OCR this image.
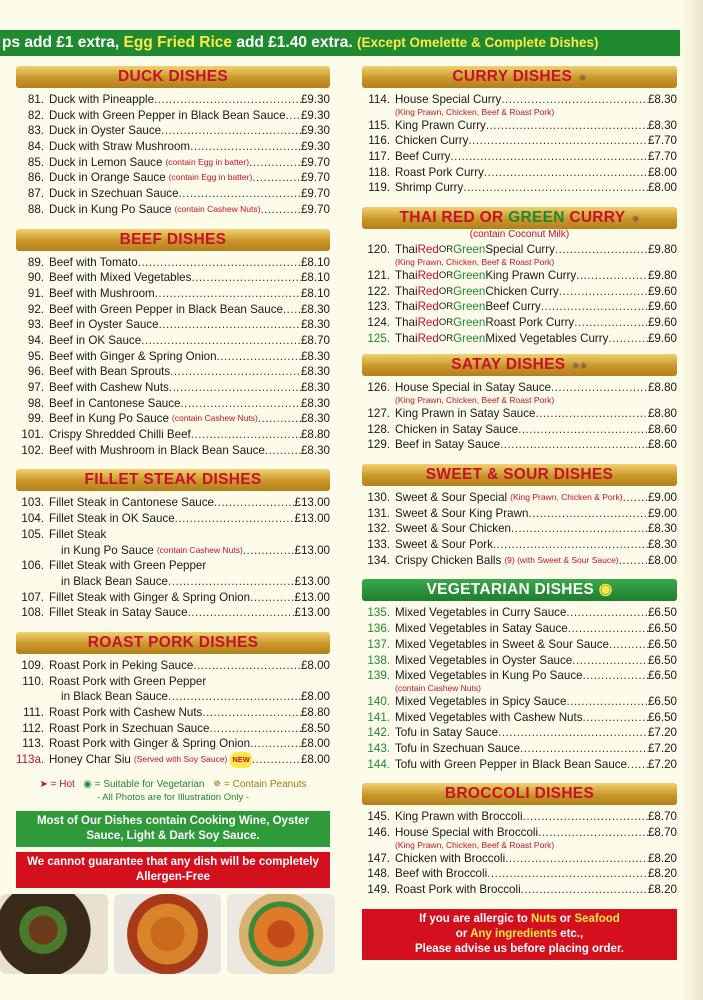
ps add £1 extra, Egg Fried Rice add £1.40 extra. (Except Omelette & Complete Dishes)
DUCK DISHES
81. Duck with Pineapple .....	£9.30
82. Duck with Green Pepper in Black Bean Sauce ..... £9.30
83. Duck in Oyster Sauce .....	£9.30
84. Duck with Straw Mushroom .....	£9.30
85. Duck in Lemon Sauce (contain Egg in batter) .....	£9.70
86. Duck in Orange Sauce (contain Egg in batter) .....	£9.70
87. Duck in Szechuan Sauce .....	£9.70
88. Duck in Kung Po Sauce (contain Cashew Nuts) .....	£9.70
BEEF DISHES
89. Beef with Tomato .....	£8.10
90. Beef with Mixed Vegetables .....	£8.10
91. Beef with Mushroom .....	£8.10
92. Beef with Green Pepper in Black Bean Sauce ..... £8.30
93. Beef in Oyster Sauce .....	£8.30
94. Beef in OK Sauce .....	£8.70
95. Beef with Ginger & Spring Onion .....	£8.30
96. Beef with Bean Sprouts .....	£8.30
97. Beef with Cashew Nuts .....	£8.30
98. Beef in Cantonese Sauce .....	£8.30
99. Beef in Kung Po Sauce (contain Cashew Nuts) .....	£8.30
101. Crispy Shredded Chilli Beef .....	£8.80
102. Beef with Mushroom in Black Bean Sauce .....	£8.30
FILLET STEAK DISHES
103. Fillet Steak in Cantonese Sauce .....	£13.00
104. Fillet Steak in OK Sauce .....	£13.00
105. Fillet Steak
in Kung Po Sauce (contain Cashew Nuts) .....	£13.00
106. Fillet Steak with Green Pepper
in Black Bean Sauce .....	£13.00
107. Fillet Steak with Ginger & Spring Onion .....	£13.00
108. Fillet Steak in Satay Sauce .....	£13.00
ROAST PORK DISHES
109. Roast Pork in Peking Sauce .....	£8.00
110. Roast Pork with Green Pepper
in Black Bean Sauce .....	£8.00
111. Roast Pork with Cashew Nuts .....	£8.80
112. Roast Pork in Szechuan Sauce .....	£8.50
113. Roast Pork with Ginger & Spring Onion .....	£8.00
113a. Honey Char Siu (Served with Soy Sauce) NEW .....	£8.00
➤ = Hot ◉ = Suitable for Vegetarian ✵ = Contain Peanuts
- All Photos are for Illustration Only -
Most of Our Dishes contain Cooking Wine, Oyster Sauce, Light & Dark Soy Sauce.
We cannot guarantee that any dish will be completely Allergen-Free
CURRY DISHES ✵
114. House Special Curry .....	£8.30
(King Prawn, Chicken, Beef & Roast Pork)
115. King Prawn Curry .....	£8.30
116. Chicken Curry .....	£7.70
117. Beef Curry .....	£7.70
118. Roast Pork Curry .....	£8.00
119. Shrimp Curry .....	£8.00
THAI RED OR GREEN CURRY ✵
(contain Coconut Milk)
120. Thai Red OR Green Special Curry .....	£9.80
(King Prawn, Chicken, Beef & Roast Pork)
121. Thai Red OR Green King Prawn Curry .....	£9.80
122. Thai Red OR Green Chicken Curry .....	£9.60
123. Thai Red OR Green Beef Curry .....	£9.60
124. Thai Red OR Green Roast Pork Curry .....	£9.60
125. Thai Red OR Green Mixed Vegetables Curry .....	£9.60
SATAY DISHES ✵✵
126. House Special in Satay Sauce .....	£8.80
(King Prawn, Chicken, Beef & Roast Pork)
127. King Prawn in Satay Sauce .....	£8.80
128. Chicken in Satay Sauce .....	£8.60
129. Beef in Satay Sauce .....	£8.60
SWEET & SOUR DISHES
130. Sweet & Sour Special (King Prawn, Chicken & Pork) ..... £9.00
131. Sweet & Sour King Prawn .....	£9.00
132. Sweet & Sour Chicken .....	£8.30
133. Sweet & Sour Pork .....	£8.30
134. Crispy Chicken Balls (9) (with Sweet & Sour Sauce) .....	£8.00
VEGETARIAN DISHES ◉
135. Mixed Vegetables in Curry Sauce .....	£6.50
136. Mixed Vegetables in Satay Sauce .....	£6.50
137. Mixed Vegetables in Sweet & Sour Sauce .....	£6.50
138. Mixed Vegetables in Oyster Sauce .....	£6.50
139. Mixed Vegetables in Kung Po Sauce .....	£6.50
(contain Cashew Nuts)
140. Mixed Vegetables in Spicy Sauce .....	£6.50
141. Mixed Vegetables with Cashew Nuts .....	£6.50
142. Tofu in Satay Sauce .....	£7.20
143. Tofu in Szechuan Sauce .....	£7.20
144. Tofu with Green Pepper in Black Bean Sauce ..... £7.20
BROCCOLI DISHES
145. King Prawn with Broccoli .....	£8.70
146. House Special with Broccoli .....	£8.70
(King Prawn, Chicken, Beef & Roast Pork)
147. Chicken with Broccoli .....	£8.20
148. Beef with Broccoli .....	£8.20
149. Roast Pork with Broccoli .....	£8.20
If you are allergic to Nuts or Seafood
or Any ingredients etc.,
Please advise us before placing order.
